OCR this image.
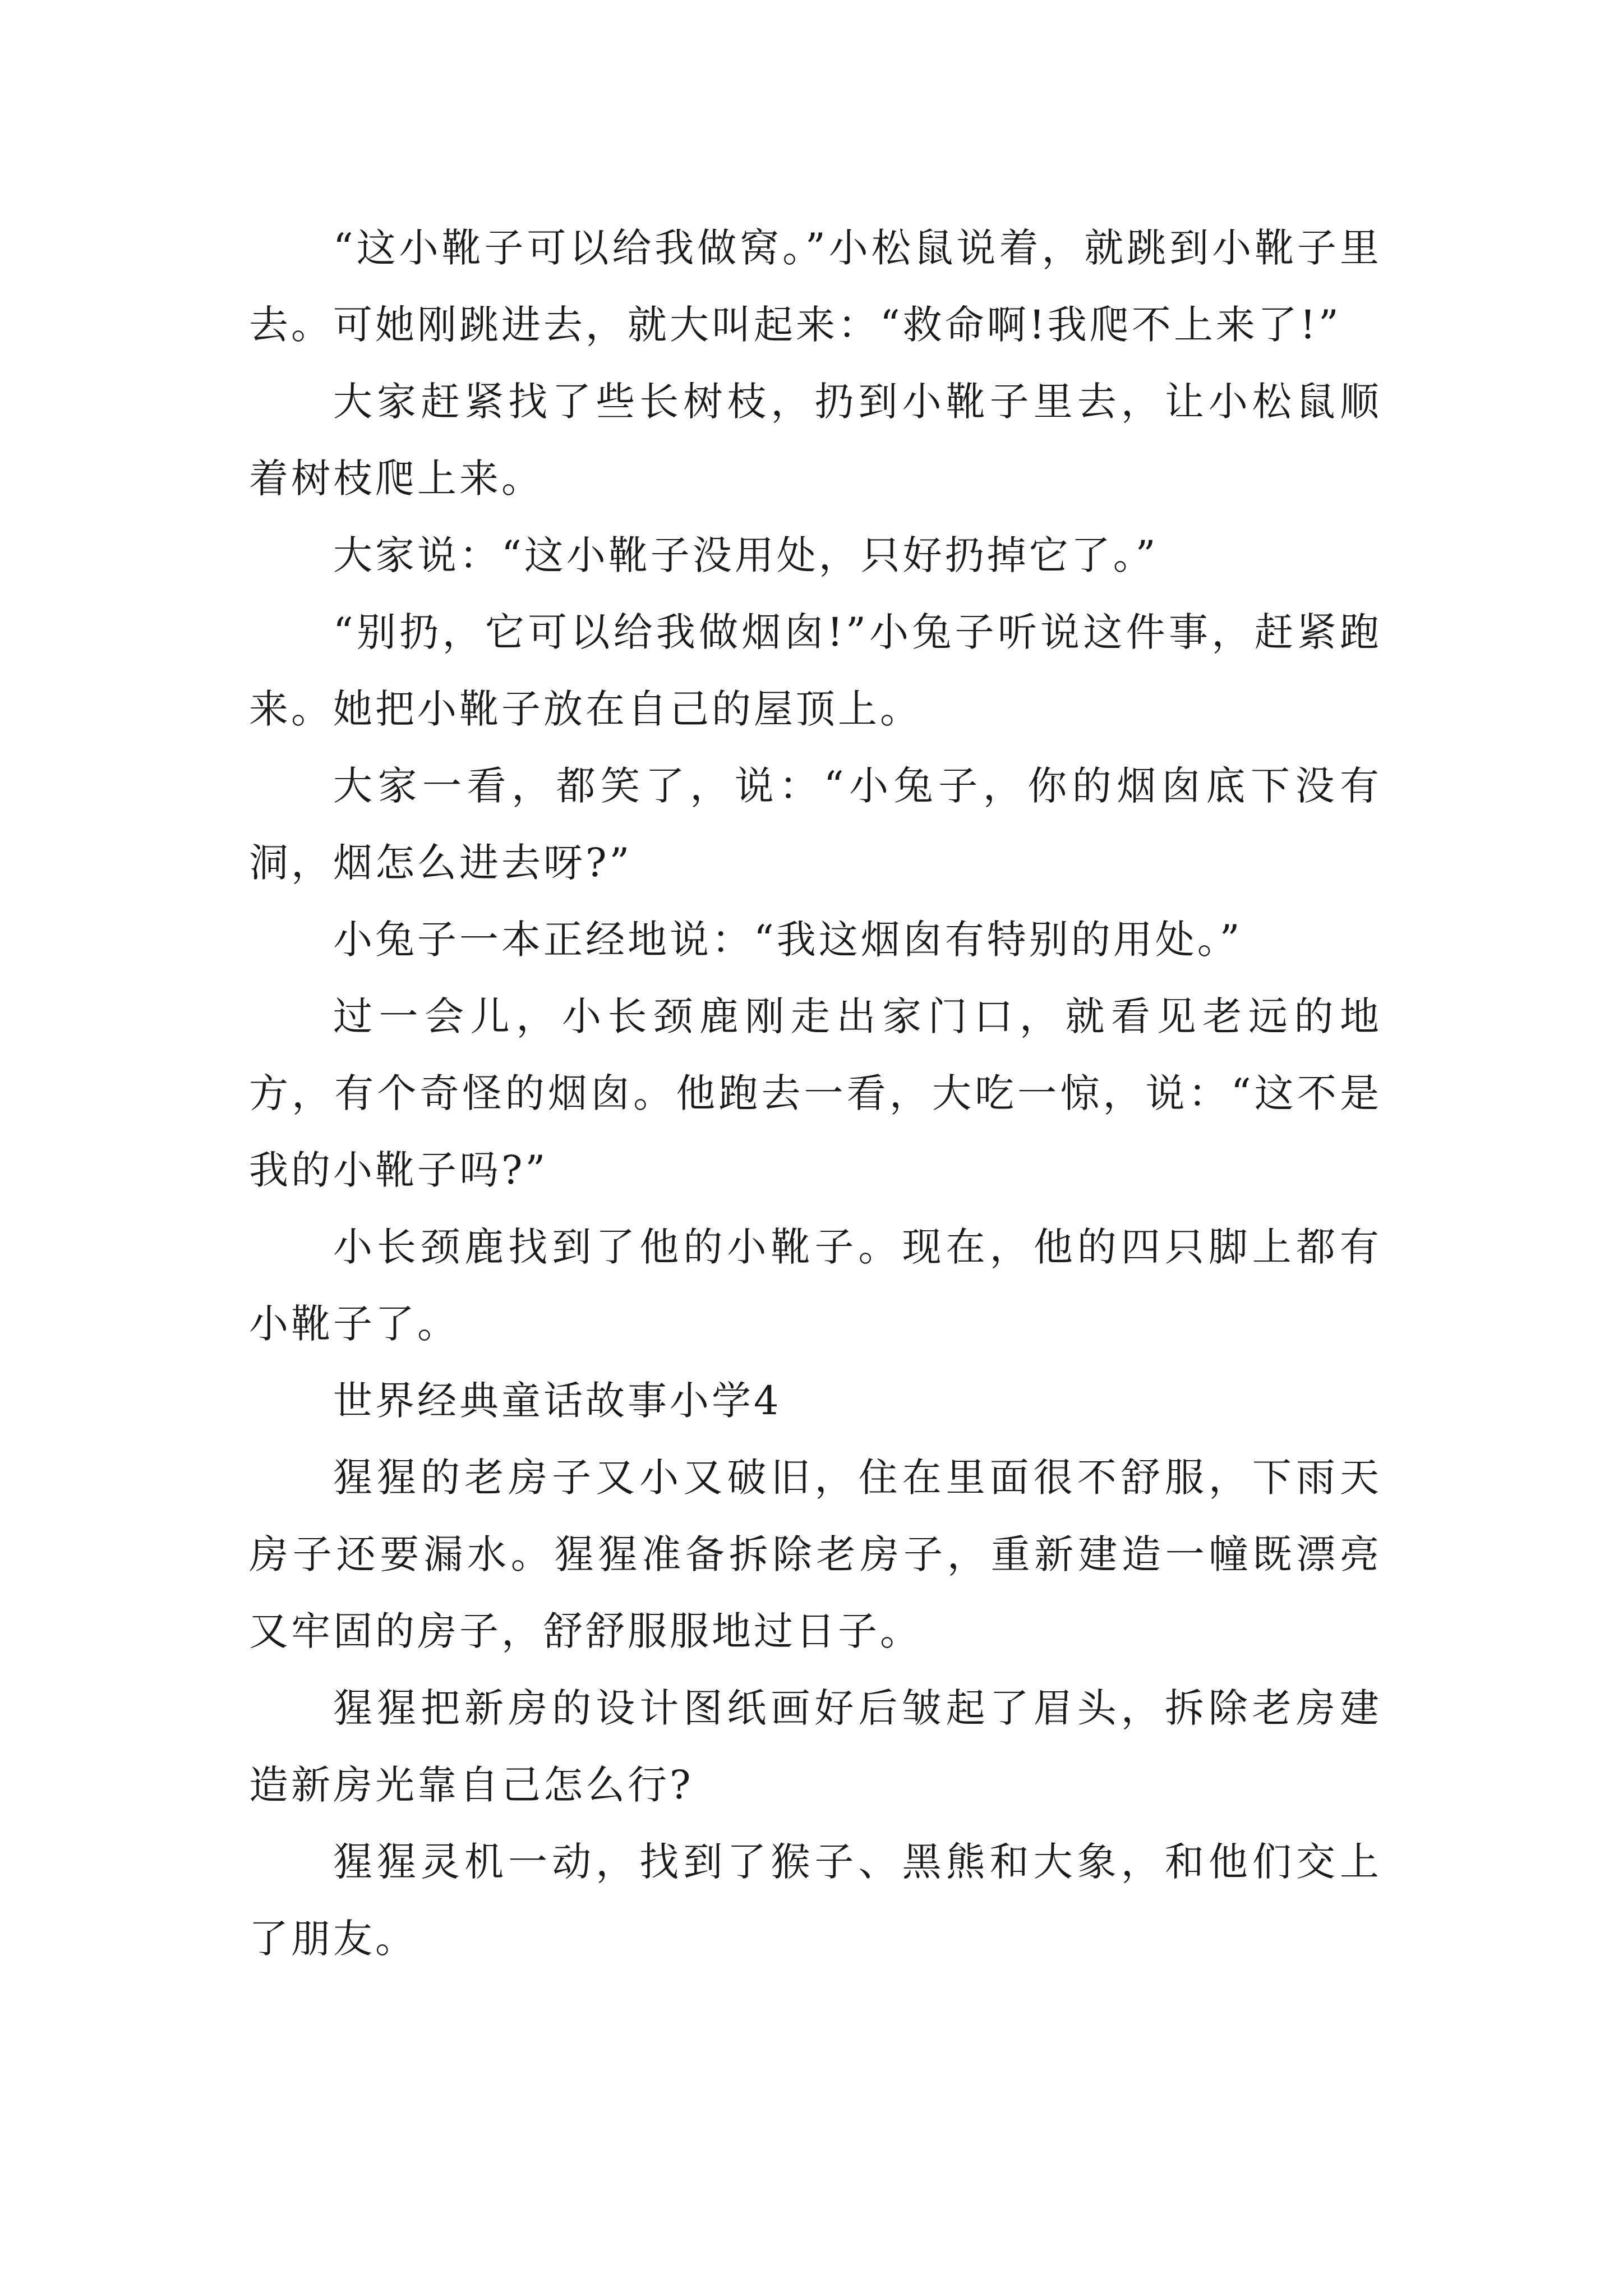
“这小靴子可以给我做窝。”小松鼠说着，就跳到小靴子里去。可她刚跳进去，就大叫起来：“救命啊!我爬不上来了!”

大家赶紧找了些长树枝，扔到小靴子里去，让小松鼠顺着树枝爬上来。

大家说：“这小靴子没用处，只好扔掉它了。”

“别扔，它可以给我做烟囱!”小兔子听说这件事，赶紧跑来。她把小靴子放在自己的屋顶上。

大家一看，都笑了，说：“小兔子，你的烟囱底下没有洞，烟怎么进去呀?”

小兔子一本正经地说：“我这烟囱有特别的用处。”

过一会儿，小长颈鹿刚走出家门口，就看见老远的地方，有个奇怪的烟囱。他跑去一看，大吃一惊，说：“这不是我的小靴子吗?”

小长颈鹿找到了他的小靴子。现在，他的四只脚上都有小靴子了。

世界经典童话故事小学4

猩猩的老房子又小又破旧，住在里面很不舒服，下雨天房子还要漏水。猩猩准备拆除老房子，重新建造一幢既漂亮又牢固的房子，舒舒服服地过日子。

猩猩把新房的设计图纸画好后皱起了眉头，拆除老房建造新房光靠自己怎么行?

猩猩灵机一动，找到了猴子、黑熊和大象，和他们交上了朋友。
